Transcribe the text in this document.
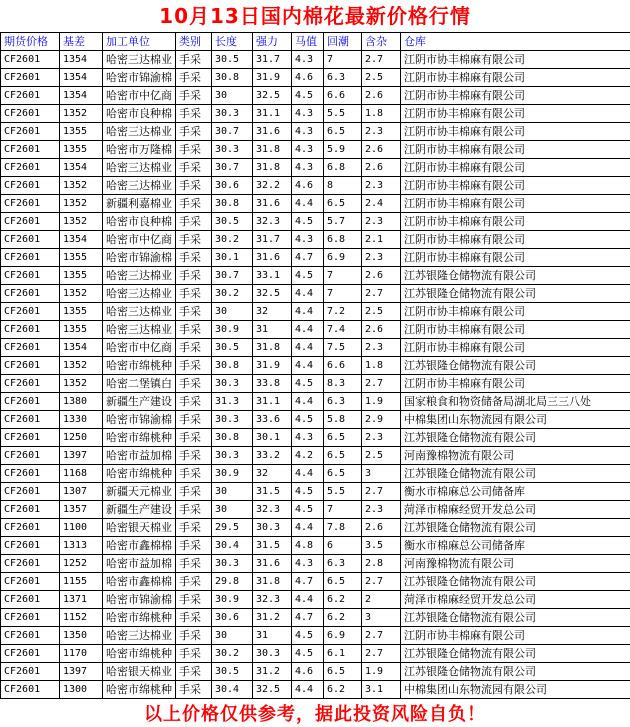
10月13日国内棉花最新价格行情
期货价格	基差	加工单位	类别	长度	强力	马值	回潮	含杂	仓库
CF2601	1354	哈密三达棉业	手采	30.5	31.7	4.3	7	2.7	江阴市协丰棉麻有限公司
CF2601	1354	哈密市锦渝棉	手采	30.8	31.9	4.6	6.3	2.5	江阴市协丰棉麻有限公司
CF2601	1354	哈密市中亿商	手采	30	32.5	4.5	6.6	2.6	江阴市协丰棉麻有限公司
CF2601	1352	哈密市良种棉	手采	30.3	31.1	4.3	5.5	1.8	江阴市协丰棉麻有限公司
CF2601	1355	哈密三达棉业	手采	30.7	31.6	4.3	6.5	2.3	江阴市协丰棉麻有限公司
CF2601	1355	哈密市万隆棉	手采	30.3	31.8	4.3	5.9	2.6	江阴市协丰棉麻有限公司
CF2601	1354	哈密三达棉业	手采	30.7	31.8	4.3	6.8	2.6	江阴市协丰棉麻有限公司
CF2601	1352	哈密三达棉业	手采	30.6	32.2	4.6	8	2.3	江阴市协丰棉麻有限公司
CF2601	1352	新疆利嘉棉业	手采	30.8	31.6	4.4	6.5	2.4	江阴市协丰棉麻有限公司
CF2601	1352	哈密市良种棉	手采	30.5	32.3	4.5	5.7	2.3	江阴市协丰棉麻有限公司
CF2601	1354	哈密市中亿商	手采	30.2	31.7	4.3	6.8	2.1	江阴市协丰棉麻有限公司
CF2601	1355	哈密市锦渝棉	手采	30.1	31.6	4.7	6.9	2.3	江阴市协丰棉麻有限公司
CF2601	1355	哈密三达棉业	手采	30.7	33.1	4.5	7	2.6	江苏银隆仓储物流有限公司
CF2601	1352	哈密三达棉业	手采	30.2	32.5	4.4	7	2.7	江苏银隆仓储物流有限公司
CF2601	1355	哈密三达棉业	手采	30	32	4.4	7.2	2.5	江阴市协丰棉麻有限公司
CF2601	1355	哈密三达棉业	手采	30.9	31	4.4	7.4	2.6	江阴市协丰棉麻有限公司
CF2601	1354	哈密市中亿商	手采	30.5	31.8	4.4	7.5	2.3	江阴市协丰棉麻有限公司
CF2601	1352	哈密市绵桃种	手采	30.8	31.9	4.4	6.6	1.8	江苏银隆仓储物流有限公司
CF2601	1352	哈密二堡镇白	手采	30.3	33.8	4.5	8.3	2.7	江阴市协丰棉麻有限公司
CF2601	1380	新疆生产建设	手采	31.3	31.1	4.4	6.3	1.9	国家粮食和物资储备局湖北局三三八处
CF2601	1330	哈密市锦渝棉	手采	30.3	33.6	4.5	5.8	2.9	中棉集团山东物流园有限公司
CF2601	1250	哈密市绵桃种	手采	30.8	30.1	4.3	6.5	2.3	江苏银隆仓储物流有限公司
CF2601	1397	哈密市益加棉	手采	30.3	33.2	4.2	6.5	2.5	河南豫棉物流有限公司
CF2601	1168	哈密市绵桃种	手采	30.9	32	4.4	6.5	3	江苏银隆仓储物流有限公司
CF2601	1307	新疆天元棉业	手采	30	31.5	4.5	5.5	2.7	衡水市棉麻总公司储备库
CF2601	1357	新疆生产建设	手采	30	32.3	4.5	7	2.3	菏泽市棉麻经贸开发总公司
CF2601	1100	哈密银天棉业	手采	29.5	30.3	4.4	7.8	2.6	江苏银隆仓储物流有限公司
CF2601	1313	哈密市鑫棉棉	手采	30.4	31.5	4.8	6	3.5	衡水市棉麻总公司储备库
CF2601	1252	哈密市益加棉	手采	30.3	31.6	4.3	6.3	2.8	河南豫棉物流有限公司
CF2601	1155	哈密市鑫棉棉	手采	29.8	31.8	4.7	6.5	2.7	江苏银隆仓储物流有限公司
CF2601	1371	哈密市锦渝棉	手采	30.9	32.3	4.4	6.2	2	菏泽市棉麻经贸开发总公司
CF2601	1152	哈密市绵桃种	手采	30.6	31.2	4.7	6.2	3	江苏银隆仓储物流有限公司
CF2601	1350	哈密三达棉业	手采	30	31	4.5	6.9	2.7	江阴市协丰棉麻有限公司
CF2601	1170	哈密市绵桃种	手采	30.2	30.3	4.5	6.1	2.7	江苏银隆仓储物流有限公司
CF2601	1397	哈密银天棉业	手采	30.5	31.2	4.6	6.5	1.9	江苏银隆仓储物流有限公司
CF2601	1300	哈密市绵桃种	手采	30.4	32.5	4.4	6.2	3.1	中棉集团山东物流园有限公司
以上价格仅供参考，据此投资风险自负！
